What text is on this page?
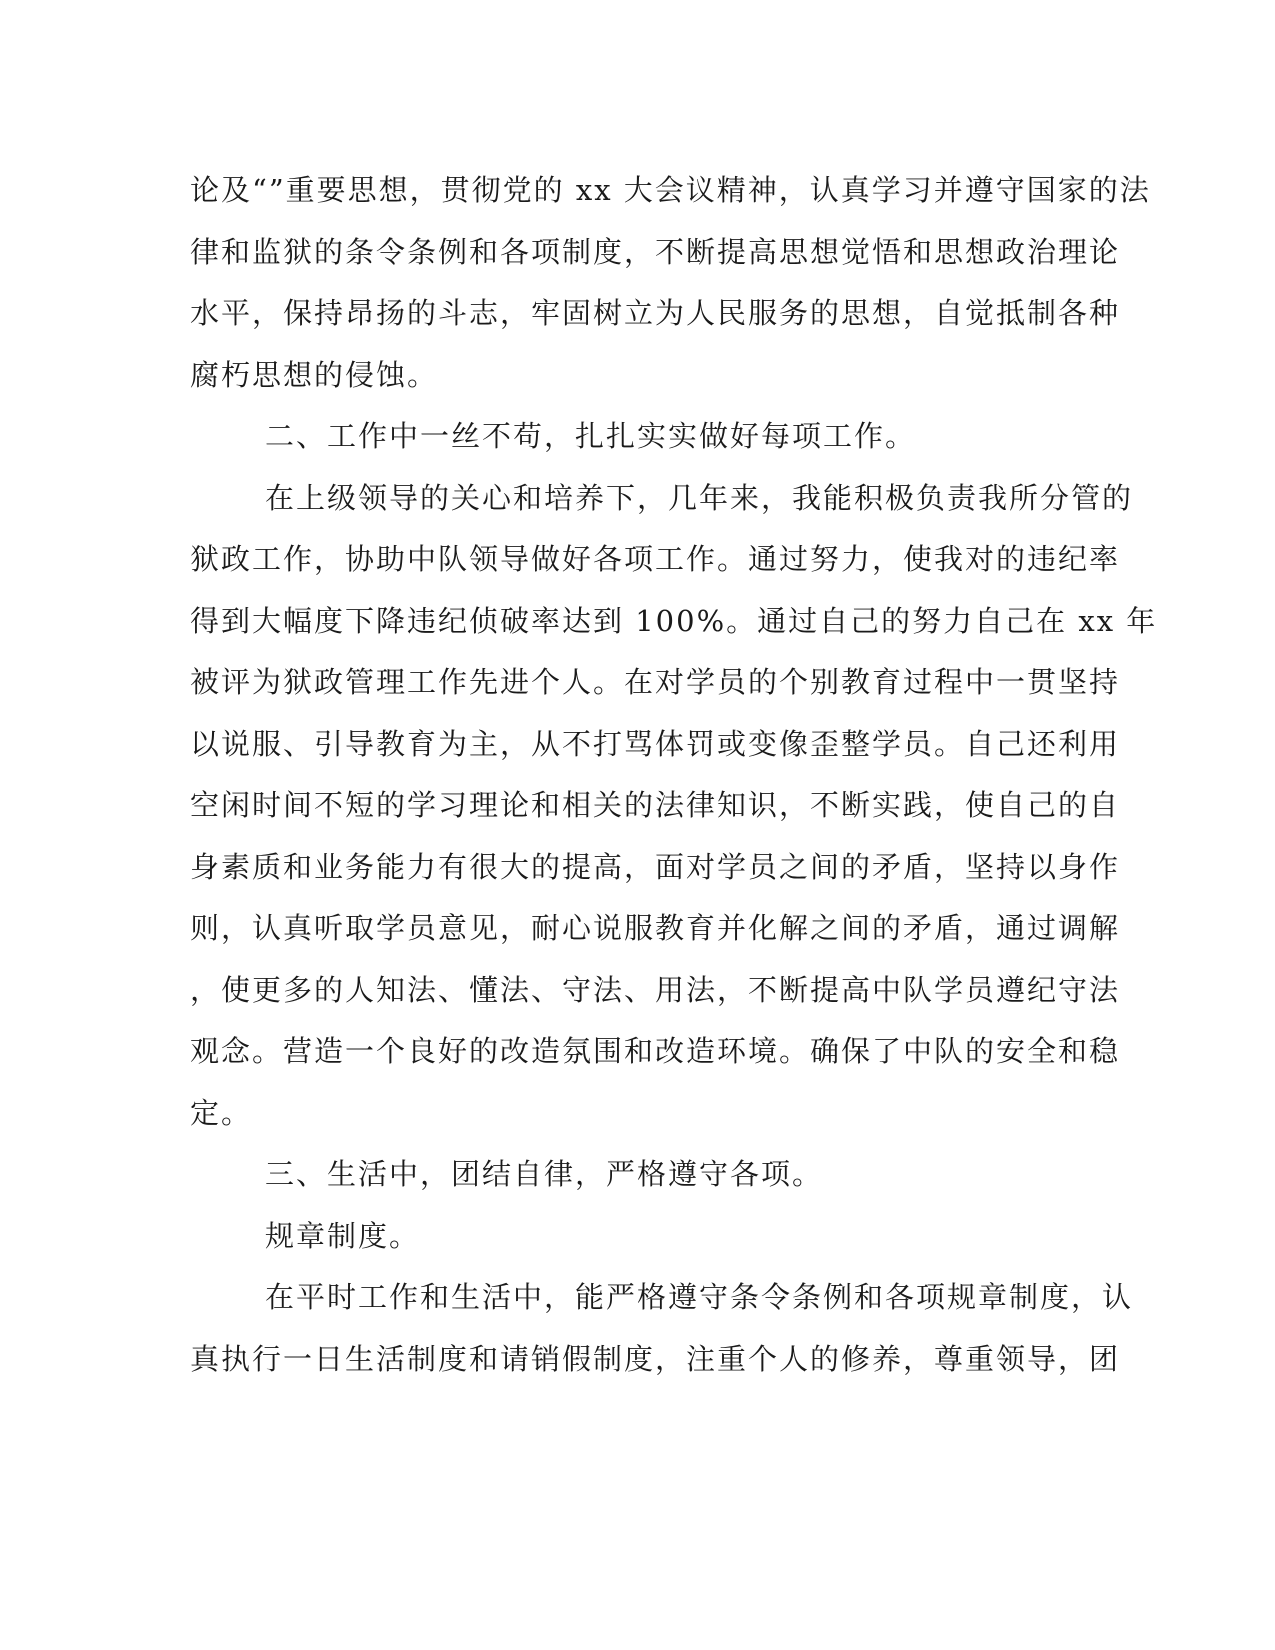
论及“”重要思想，贯彻党的 xx 大会议精神，认真学习并遵守国家的法
律和监狱的条令条例和各项制度，不断提高思想觉悟和思想政治理论
水平，保持昂扬的斗志，牢固树立为人民服务的思想，自觉抵制各种
腐朽思想的侵蚀。
二、工作中一丝不苟，扎扎实实做好每项工作。
在上级领导的关心和培养下，几年来，我能积极负责我所分管的
狱政工作，协助中队领导做好各项工作。通过努力，使我对的违纪率
得到大幅度下降违纪侦破率达到 100%。通过自己的努力自己在 xx 年
被评为狱政管理工作先进个人。在对学员的个别教育过程中一贯坚持
以说服、引导教育为主，从不打骂体罚或变像歪整学员。自己还利用
空闲时间不短的学习理论和相关的法律知识，不断实践，使自己的自
身素质和业务能力有很大的提高，面对学员之间的矛盾，坚持以身作
则，认真听取学员意见，耐心说服教育并化解之间的矛盾，通过调解
，使更多的人知法、懂法、守法、用法，不断提高中队学员遵纪守法
观念。营造一个良好的改造氛围和改造环境。确保了中队的安全和稳
定。
三、生活中，团结自律，严格遵守各项。
规章制度。
在平时工作和生活中，能严格遵守条令条例和各项规章制度，认
真执行一日生活制度和请销假制度，注重个人的修养，尊重领导，团
